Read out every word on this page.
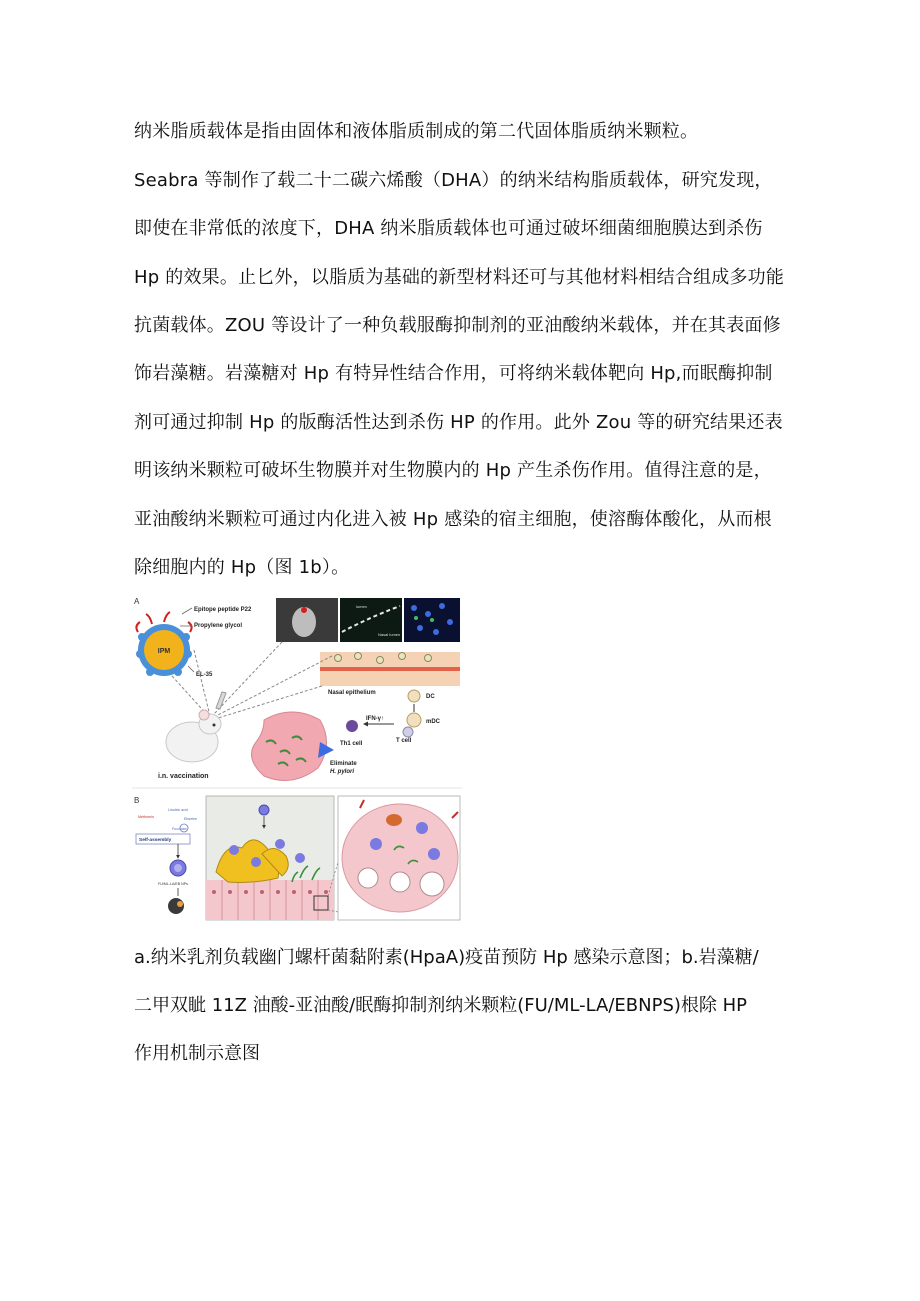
纳米脂质载体是指由固体和液体脂质制成的第二代固体脂质纳米颗粒。

Seabra 等制作了载二十二碳六烯酸（DHA）的纳米结构脂质载体，研究发现，

即使在非常低的浓度下，DHA 纳米脂质载体也可通过破坏细菌细胞膜达到杀伤

Hp 的效果。止匕外，以脂质为基础的新型材料还可与其他材料相结合组成多功能

抗菌载体。ZOU 等设计了一种负载服酶抑制剂的亚油酸纳米载体，并在其表面修

饰岩藻糖。岩藻糖对 Hp 有特异性结合作用，可将纳米载体靶向 Hp,而眠酶抑制

剂可通过抑制 Hp 的版酶活性达到杀伤 HP 的作用。此外 Zou 等的研究结果还表

明该纳米颗粒可破坏生物膜并对生物膜内的 Hp 产生杀伤作用。值得注意的是，

亚油酸纳米颗粒可通过内化进入被 Hp 感染的宿主细胞，使溶酶体酸化，从而根

除细胞内的 Hp（图 1b）。

A
IPM
Epitope peptide P22
Propylene glycol
EL-35
lumen
Nasal lumen
Nasal epithelium
DC
mDC
T cell
Th1 cell
IFN-γ↑
i.n. vaccination
Eliminate
H. pylori
B
Metformin
Linoleic acid
Ebselen
Fucoidan
Self-assembly
FU/ML-LA/EB NPs

a.纳米乳剂负载幽门螺杆菌黏附素(HpaA)疫苗预防 Hp 感染示意图；b.岩藻糖/

二甲双眦 11Z 油酸-亚油酸/眠酶抑制剂纳米颗粒(FU/ML-LA/EBNPS)根除 HP

作用机制示意图
